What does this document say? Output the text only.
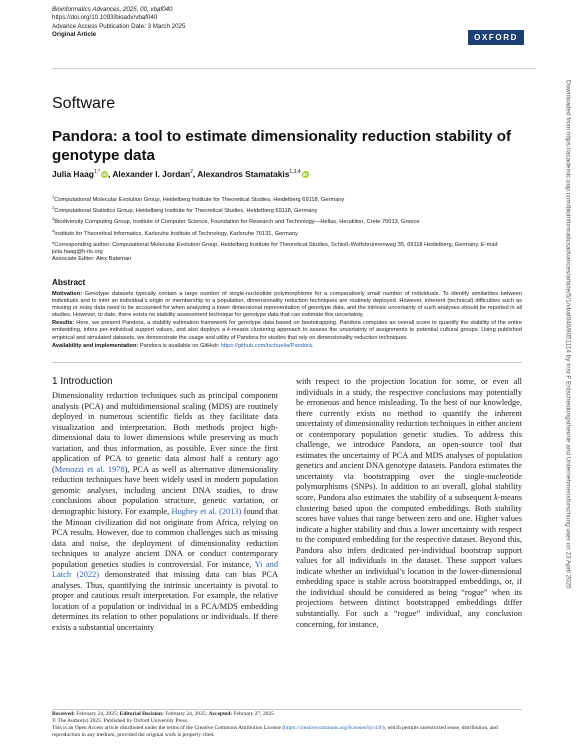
Bioinformatics Advances, 2025, 00, vbaf040
https://doi.org/10.1093/bioadv/vbaf040
Advance Access Publication Date: 3 March 2025
Original Article	OXFORD
Downloaded from https://academic.oup.com/bioinformaticsadvances/article/5/1/vbaf040/8051114 by Inst F Entscheidungstheorie and Unternehmensforschung user on 23 April 2025
Software
Pandora: a tool to estimate dimensionality reduction stability of genotype data
Julia Haag$^{1,*}$ iD, Alexander I. Jordan$^2$, Alexandros Stamatakis$^{1,3,4}$ iD
$^1$Computational Molecular Evolution Group, Heidelberg Institute for Theoretical Studies, Heidelberg 69118, Germany
$^2$Computational Statistics Group, Heidelberg Institute for Theoretical Studies, Heidelberg 69118, Germany
$^3$Biodiversity Computing Group, Institute of Computer Science, Foundation for Research and Technology—Hellas, Heraklion, Crete 70013, Greece
$^4$Institute for Theoretical Informatics, Karlsruhe Institute of Technology, Karlsruhe 76131, Germany
*Corresponding author. Computational Molecular Evolution Group, Heidelberg Institute for Theoretical Studies, Schloß-Wolfsbrunnenweg 35, 69118 Heidelberg, Germany. E-mail: julia.haag@h-its.org
Associate Editor: Alex Bateman
Abstract

Motivation: Genotype datasets typically contain a large number of single-nucleotide polymorphisms for a comparatively small number of individuals. To identify similarities between individuals and to infer an individual’s origin or membership to a population, dimensionality reduction techniques are routinely deployed. However, inherent (technical) difficulties such as missing or noisy data need to be accounted for when analyzing a lower dimensional representation of genotype data, and the intrinsic uncertainty of such analyses should be reported in all studies. However, to date, there exists no stability assessment technique for genotype data that can estimate this uncertainty.

Results: Here, we present Pandora, a stability estimation framework for genotype data based on bootstrapping. Pandora computes an overall score to quantify the stability of the entire embedding, infers per-individual support values, and also deploys a k-means clustering approach to assess the uncertainty of assignments to potential cultural groups. Using published empirical and simulated datasets, we demonstrate the usage and utility of Pandora for studies that rely on dimensionality reduction techniques.

Availability and implementation: Pandora is available on GitHub: https://github.com/tschuelia/Pandora.

1 Introduction

Dimensionality reduction techniques such as principal component analysis (PCA) and multidimensional scaling (MDS) are routinely deployed in numerous scientific fields as they facilitate data visualization and interpretation. Both methods project high-dimensional data to lower dimensions while preserving as much variation, and thus information, as possible. Ever since the first application of PCA to genetic data almost half a century ago (Menozzi et al. 1978), PCA as well as alternative dimensionality reduction techniques have been widely used in modern population genomic analyses, including ancient DNA studies, to draw conclusions about population structure, genetic variation, or demographic history. For example, Hughey et al. (2013) found that the Minoan civilization did not originate from Africa, relying on PCA results. However, due to common challenges such as missing data and noise, the deployment of dimensionality reduction techniques to analyze ancient DNA or conduct contemporary population genetics studies is controversial. For instance, Yi and Latch (2022) demonstrated that missing data can bias PCA analyses. Thus, quantifying the intrinsic uncertainty is pivotal to proper and cautious result interpretation. For example, the relative location of a population or individual in a PCA/MDS embedding determines its relation to other populations or individuals. If there exists a substantial uncertainty

with respect to the projection location for some, or even all individuals in a study, the respective conclusions may potentially be erroneous and hence misleading. To the best of our knowledge, there currently exists no method to quantify the inherent uncertainty of dimensionality reduction techniques in either ancient or contemporary population genetic studies. To address this challenge, we introduce Pandora, an open-source tool that estimates the uncertainty of PCA and MDS analyses of population genetics and ancient DNA genotype datasets. Pandora estimates the uncertainty via bootstrapping over the single-nucleotide polymorphisms (SNPs). In addition to an overall, global stability score, Pandora also estimates the stability of a subsequent k-means clustering based upon the computed embeddings. Both stability scores have values that range between zero and one. Higher values indicate a higher stability and thus a lower uncertainty with respect to the computed embedding for the respective dataset. Beyond this, Pandora also infers dedicated per-individual bootstrap support values for all individuals in the dataset. These support values indicate whether an individual’s location in the lower-dimensional embedding space is stable across bootstrapped embeddings, or, if the individual should be considered as being “rogue” when its projections between distinct bootstrapped embeddings differ substantially. For such a “rogue” individual, any conclusion concerning, for instance,

Received: February 24, 2025; Editorial Decision: February 24, 2025; Accepted: February 27, 2025
© The Author(s) 2025. Published by Oxford University Press.
This is an Open Access article distributed under the terms of the Creative Commons Attribution License (https://creativecommons.org/licenses/by/4.0/), which permits unrestricted reuse, distribution, and reproduction in any medium, provided the original work is properly cited.
